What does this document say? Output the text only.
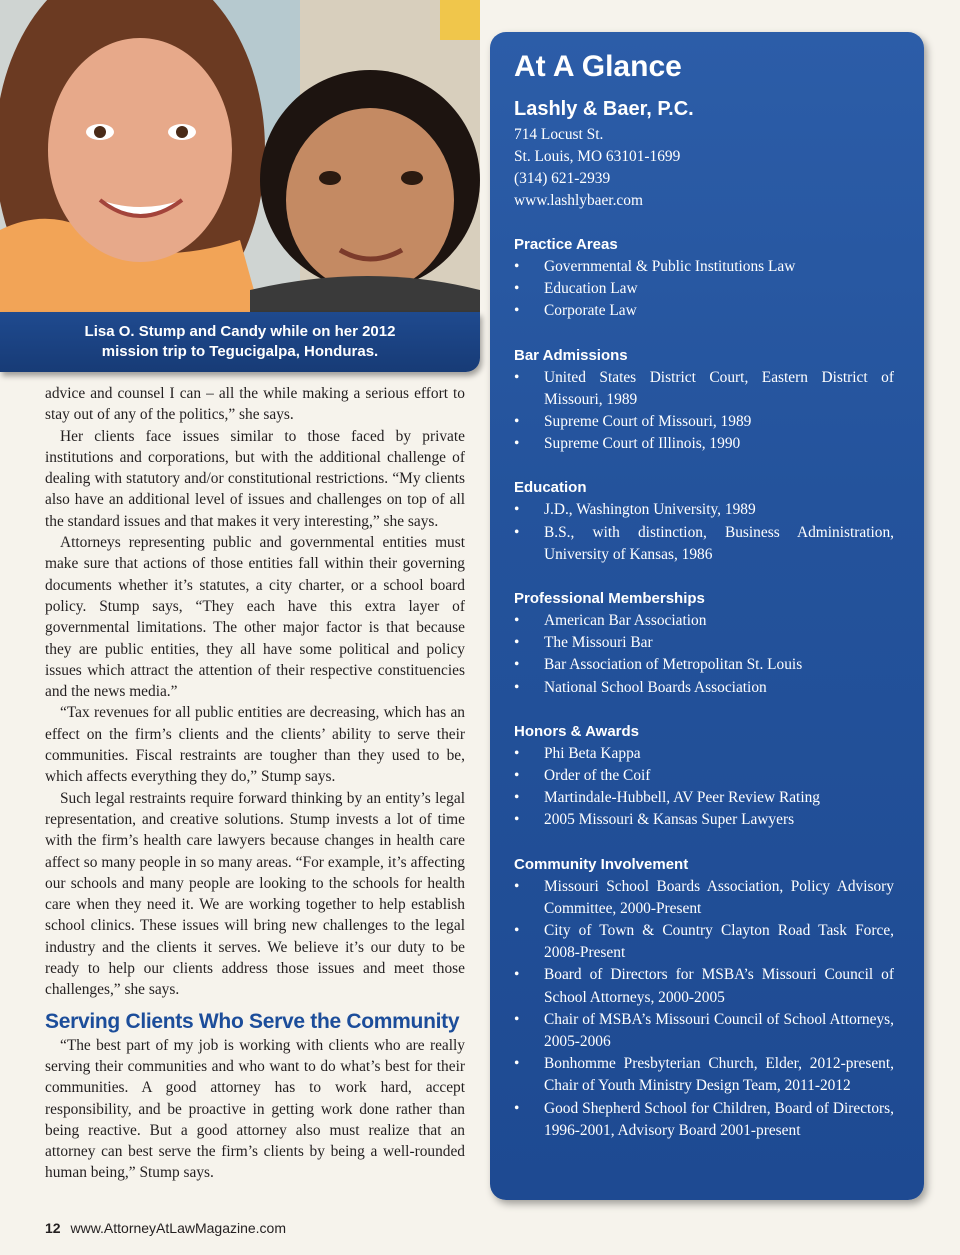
Lisa O. Stump and Candy while on her 2012
mission trip to Tegucigalpa, Honduras.

advice and counsel I can – all the while making a serious effort to stay out of any of the politics,” she says.

Her clients face issues similar to those faced by private institutions and corporations, but with the additional challenge of dealing with statutory and/or constitutional restrictions. “My clients also have an additional level of issues and challenges on top of all the standard issues and that makes it very interesting,” she says.

Attorneys representing public and governmental entities must make sure that actions of those entities fall within their governing documents whether it’s statutes, a city charter, or a school board policy. Stump says, “They each have this extra layer of governmental limitations. The other major factor is that because they are public entities, they all have some political and policy issues which attract the attention of their respective constituencies and the news media.”

“Tax revenues for all public entities are decreasing, which has an effect on the firm’s clients and the clients’ ability to serve their communities. Fiscal restraints are tougher than they used to be, which affects everything they do,” Stump says.

Such legal restraints require forward thinking by an entity’s legal representation, and creative solutions. Stump invests a lot of time with the firm’s health care lawyers because changes in health care affect so many people in so many areas. “For example, it’s affecting our schools and many people are looking to the schools for health care when they need it. We are working together to help establish school clinics. These issues will bring new challenges to the legal industry and the clients it serves. We believe it’s our duty to be ready to help our clients address those issues and meet those challenges,” she says.

Serving Clients Who Serve the Community

“The best part of my job is working with clients who are really serving their communities and who want to do what’s best for their communities. A good attorney has to work hard, accept responsibility, and be proactive in getting work done rather than being reactive. But a good attorney also must realize that an attorney can best serve the firm’s clients by being a well-rounded human being,” Stump says.

12 www.AttorneyAtLawMagazine.com
At A Glance
Lashly & Baer, P.C.
714 Locust St.
St. Louis, MO 63101-1699
(314) 621-2939
www.lashlybaer.com
Practice Areas
• Governmental & Public Institutions Law
• Education Law
• Corporate Law
Bar Admissions
• United States District Court, Eastern District of Missouri, 1989
• Supreme Court of Missouri, 1989
• Supreme Court of Illinois, 1990
Education
• J.D., Washington University, 1989
• B.S., with distinction, Business Administration, University of Kansas, 1986
Professional Memberships
• American Bar Association
• The Missouri Bar
• Bar Association of Metropolitan St. Louis
• National School Boards Association
Honors & Awards
• Phi Beta Kappa
• Order of the Coif
• Martindale-Hubbell, AV Peer Review Rating
• 2005 Missouri & Kansas Super Lawyers
Community Involvement
• Missouri School Boards Association, Policy Advisory Committee, 2000-Present
• City of Town & Country Clayton Road Task Force, 2008-Present
• Board of Directors for MSBA’s Missouri Council of School Attorneys, 2000-2005
• Chair of MSBA’s Missouri Council of School Attorneys, 2005-2006
• Bonhomme Presbyterian Church, Elder, 2012-present, Chair of Youth Ministry Design Team, 2011-2012
• Good Shepherd School for Children, Board of Directors, 1996-2001, Advisory Board 2001-present
